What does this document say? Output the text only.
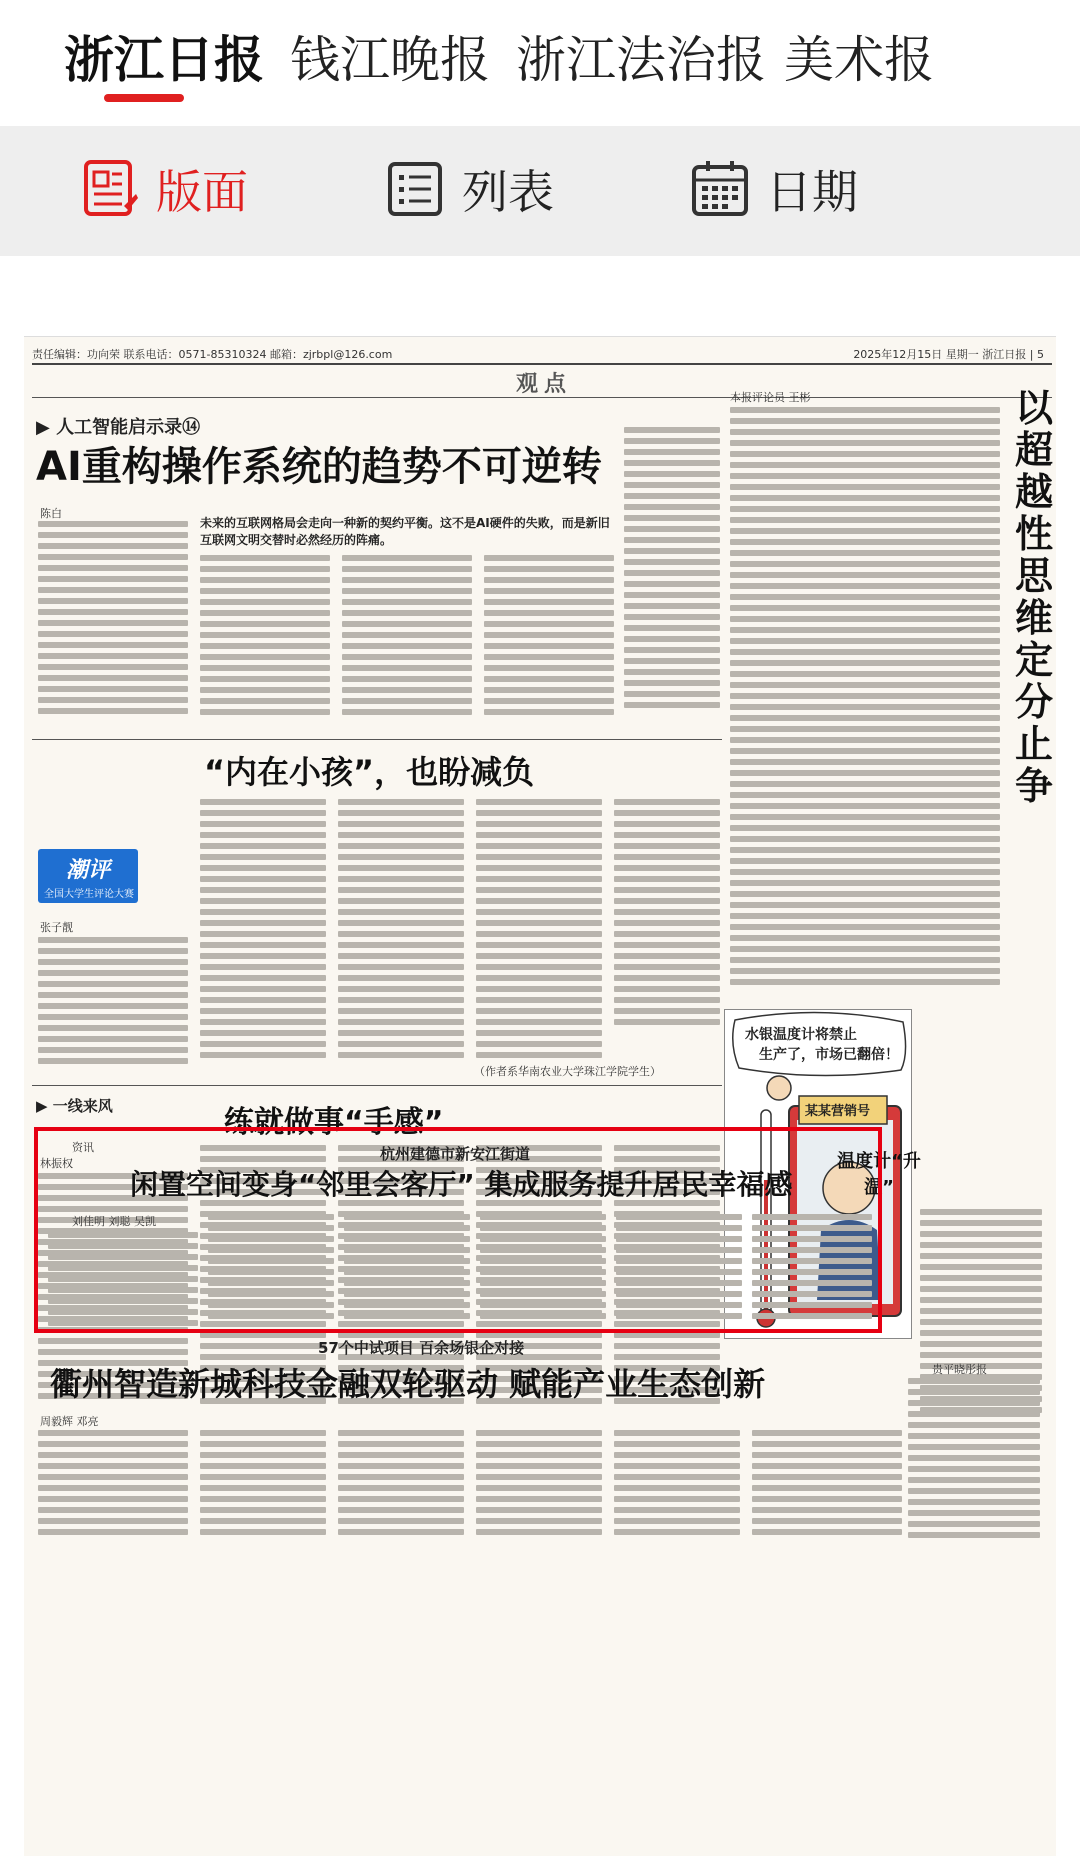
浙江日报 钱江晚报 浙江法治报 美术报
版面	列表	日期
责任编辑：功向荣 联系电话：0571-85310324 邮箱：zjrbpl@126.com	2025年12月15日 星期一 浙江日报 | 5
观点
▶ 人工智能启示录⑭
AI重构操作系统的趋势不可逆转
陈白
未来的互联网格局会走向一种新的契约平衡。这不是AI硬件的失败，而是新旧互联网文明交替时必然经历的阵痛。
“内在小孩”，也盼减负
潮评
全国大学生评论大赛
张子靓
（作者系华南农业大学珠江学院学生）
▶ 一线来风	练就做事“手感”
林振权
本报评论员 王彬	以超越性思维定分止争
水银温度计将禁止
生产了，市场已翻倍！
某某营销号
温度计“升温”
资讯	杭州建德市新安江街道
闲置空间变身“邻里会客厅” 集成服务提升居民幸福感
刘佳明 刘聪 吴凯
57个中试项目 百余场银企对接
衢州智造新城科技金融双轮驱动 赋能产业生态创新
周毅辉 邓亮
贵平晓彤报
